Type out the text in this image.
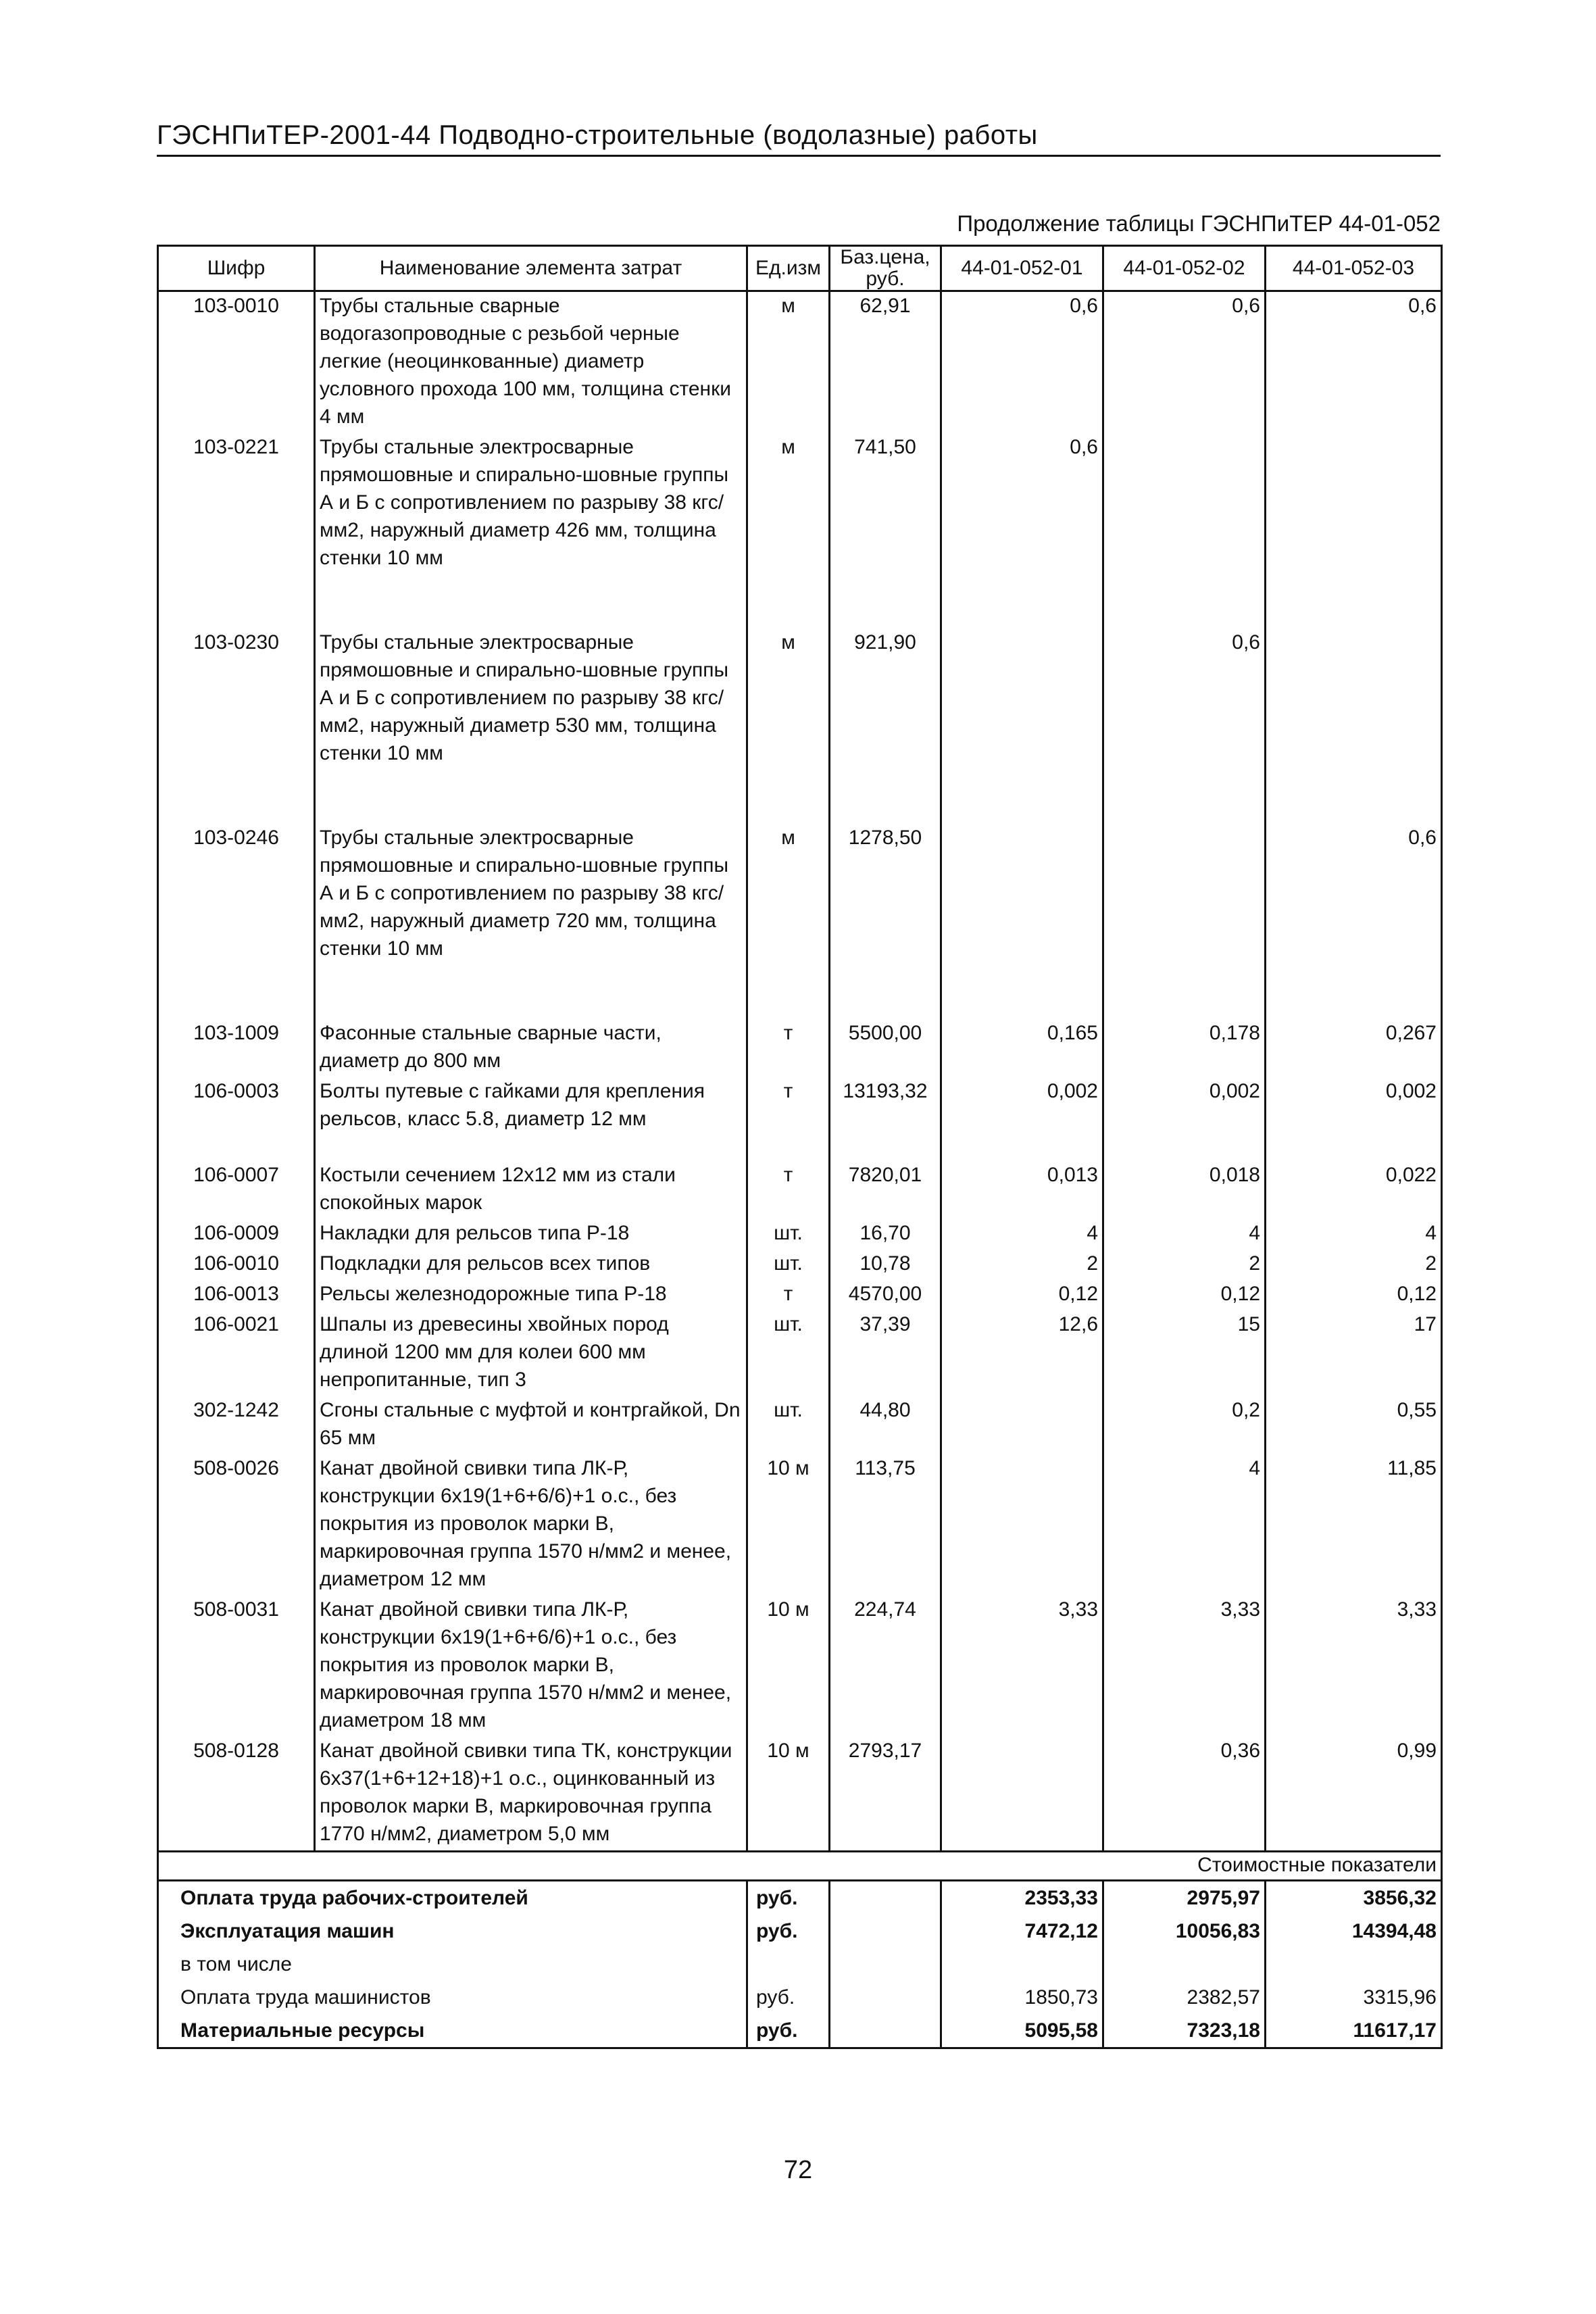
ГЭСНПиТЕР-2001-44 Подводно-строительные (водолазные) работы
Продолжение таблицы ГЭСНПиТЕР 44-01-052
Шифр	Наименование элемента затрат	Ед.изм	Баз.цена, руб.	44-01-052-01	44-01-052-02	44-01-052-03
103-0010	Трубы стальные сварные водогазопроводные с резьбой черные легкие (неоцинкованные) диаметр условного прохода 100 мм, толщина стенки 4 мм	м	62,91	0,6	0,6	0,6
103-0221	Трубы стальные электросварные прямошовные и спирально-шовные группы А и Б с сопротивлением по разрыву 38 кгс/мм2, наружный диаметр 426 мм, толщина стенки 10 мм	м	741,50	0,6		

103-0230	Трубы стальные электросварные прямошовные и спирально-шовные группы А и Б с сопротивлением по разрыву 38 кгс/мм2, наружный диаметр 530 мм, толщина стенки 10 мм	м	921,90		0,6	

103-0246	Трубы стальные электросварные прямошовные и спирально-шовные группы А и Б с сопротивлением по разрыву 38 кгс/мм2, наружный диаметр 720 мм, толщина стенки 10 мм	м	1278,50			0,6

103-1009	Фасонные стальные сварные части, диаметр до 800 мм	т	5500,00	0,165	0,178	0,267
106-0003	Болты путевые с гайками для крепления рельсов, класс 5.8, диаметр 12 мм	т	13193,32	0,002	0,002	0,002

106-0007	Костыли сечением 12х12 мм из стали спокойных марок	т	7820,01	0,013	0,018	0,022
106-0009	Накладки для рельсов типа Р-18	шт.	16,70	4	4	4
106-0010	Подкладки для рельсов всех типов	шт.	10,78	2	2	2
106-0013	Рельсы железнодорожные типа Р-18	т	4570,00	0,12	0,12	0,12
106-0021	Шпалы из древесины хвойных пород длиной 1200 мм для колеи 600 мм непропитанные, тип 3	шт.	37,39	12,6	15	17
302-1242	Сгоны стальные с муфтой и контргайкой, Dn 65 мм	шт.	44,80		0,2	0,55
508-0026	Канат двойной свивки типа ЛК-Р, конструкции 6х19(1+6+6/6)+1 о.с., без покрытия из проволок марки В, маркировочная группа 1570 н/мм2 и менее, диаметром 12 мм	10 м	113,75		4	11,85
508-0031	Канат двойной свивки типа ЛК-Р, конструкции 6х19(1+6+6/6)+1 о.с., без покрытия из проволок марки В, маркировочная группа 1570 н/мм2 и менее, диаметром 18 мм	10 м	224,74	3,33	3,33	3,33
508-0128	Канат двойной свивки типа ТК, конструкции 6х37(1+6+12+18)+1 о.с., оцинкованный из проволок марки В, маркировочная группа 1770 н/мм2, диаметром 5,0 мм	10 м	2793,17		0,36	0,99
Стоимостные показатели						
Оплата труда рабочих-строителей		руб.		2353,33	2975,97	3856,32
Эксплуатация машин		руб.		7472,12	10056,83	14394,48
в том числе						
Оплата труда машинистов		руб.		1850,73	2382,57	3315,96
Материальные ресурсы		руб.		5095,58	7323,18	11617,17
72
